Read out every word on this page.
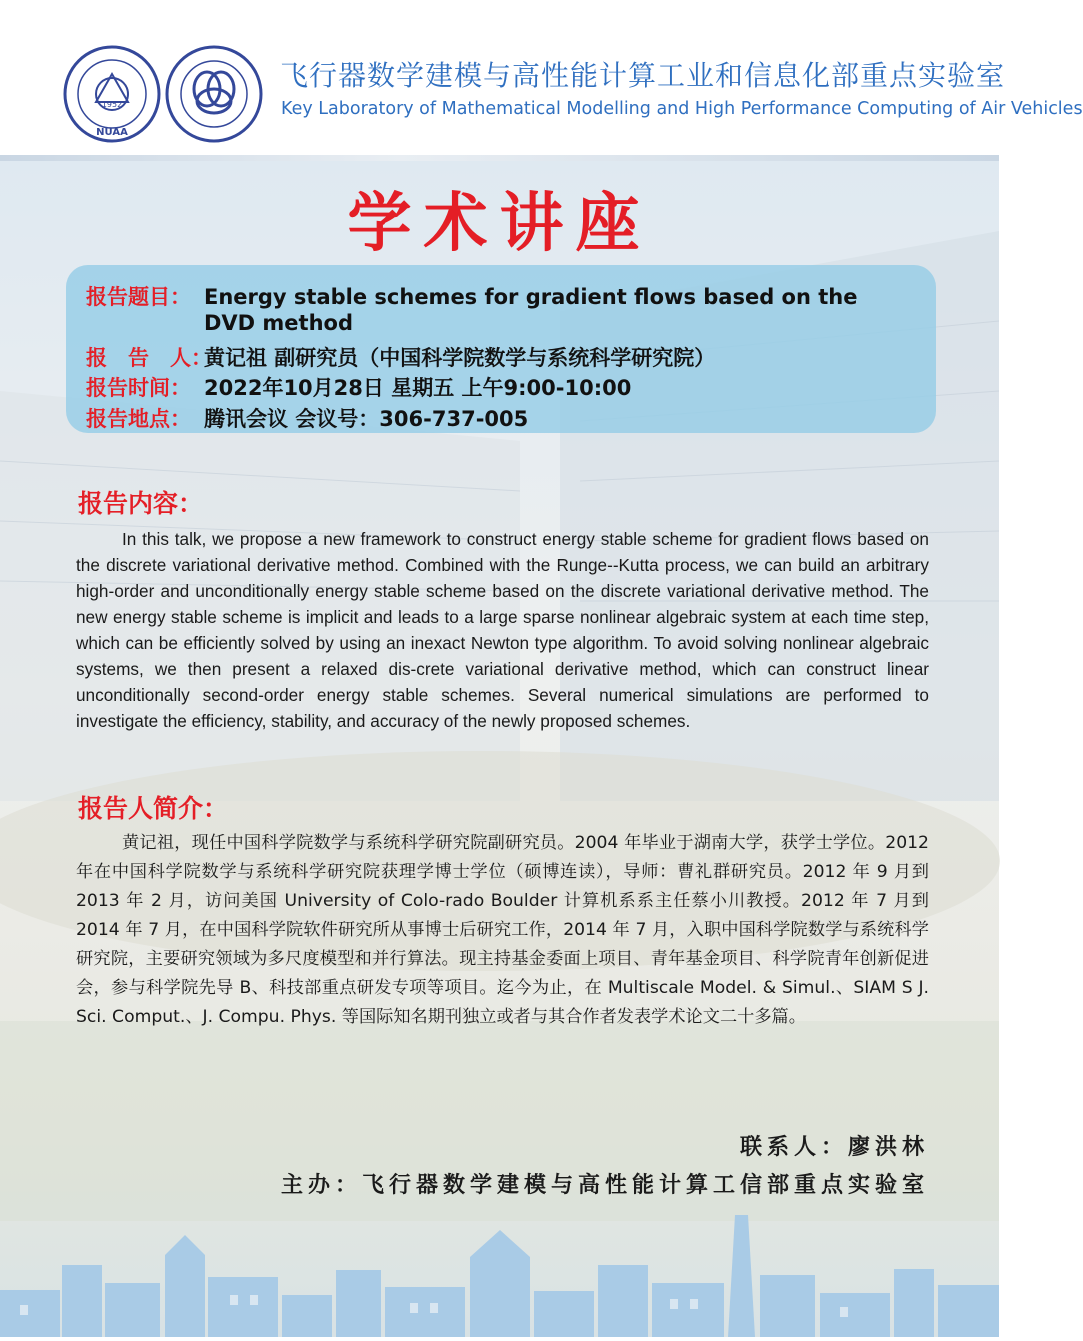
1952
NUAA
飞行器数学建模与高性能计算工业和信息化部重点实验室
Key Laboratory of Mathematical Modelling and High Performance Computing of Air Vehicles
学术讲座
报告题目： Energy stable schemes for gradient flows based on the
DVD method
报　告　人：黄记祖 副研究员（中国科学院数学与系统科学研究院）
报告时间： 2022年10月28日 星期五 上午9:00-10:00
报告地点： 腾讯会议 会议号：306-737-005
报告内容：
In this talk, we propose a new framework to construct energy stable scheme for gradient flows based on the discrete variational derivative method. Combined with the Runge--Kutta process, we can build an arbitrary high-order and unconditionally energy stable scheme based on the discrete variational derivative method. The new energy stable scheme is implicit and leads to a large sparse nonlinear algebraic system at each time step, which can be efficiently solved by using an inexact Newton type algorithm. To avoid solving nonlinear algebraic systems, we then present a relaxed dis-crete variational derivative method, which can construct linear unconditionally second-order energy stable schemes. Several numerical simulations are performed to investigate the efficiency, stability, and accuracy of the newly proposed schemes.
报告人简介：
黄记祖，现任中国科学院数学与系统科学研究院副研究员。2004 年毕业于湖南大学，获学士学位。2012 年在中国科学院数学与系统科学研究院获理学博士学位（硕博连读），导师：曹礼群研究员。2012 年 9 月到 2013 年 2 月，访问美国 University of Colo-rado Boulder 计算机系系主任蔡小川教授。2012 年 7 月到 2014 年 7 月，在中国科学院软件研究所从事博士后研究工作，2014 年 7 月，入职中国科学院数学与系统科学研究院，主要研究领域为多尺度模型和并行算法。现主持基金委面上项目、青年基金项目、科学院青年创新促进会，参与科学院先导 B、科技部重点研发专项等项目。迄今为止，在 Multiscale Model. & Simul.、SIAM S J. Sci. Comput.、J. Compu. Phys. 等国际知名期刊独立或者与其合作者发表学术论文二十多篇。
联系人：廖洪林
主办：飞行器数学建模与高性能计算工信部重点实验室
